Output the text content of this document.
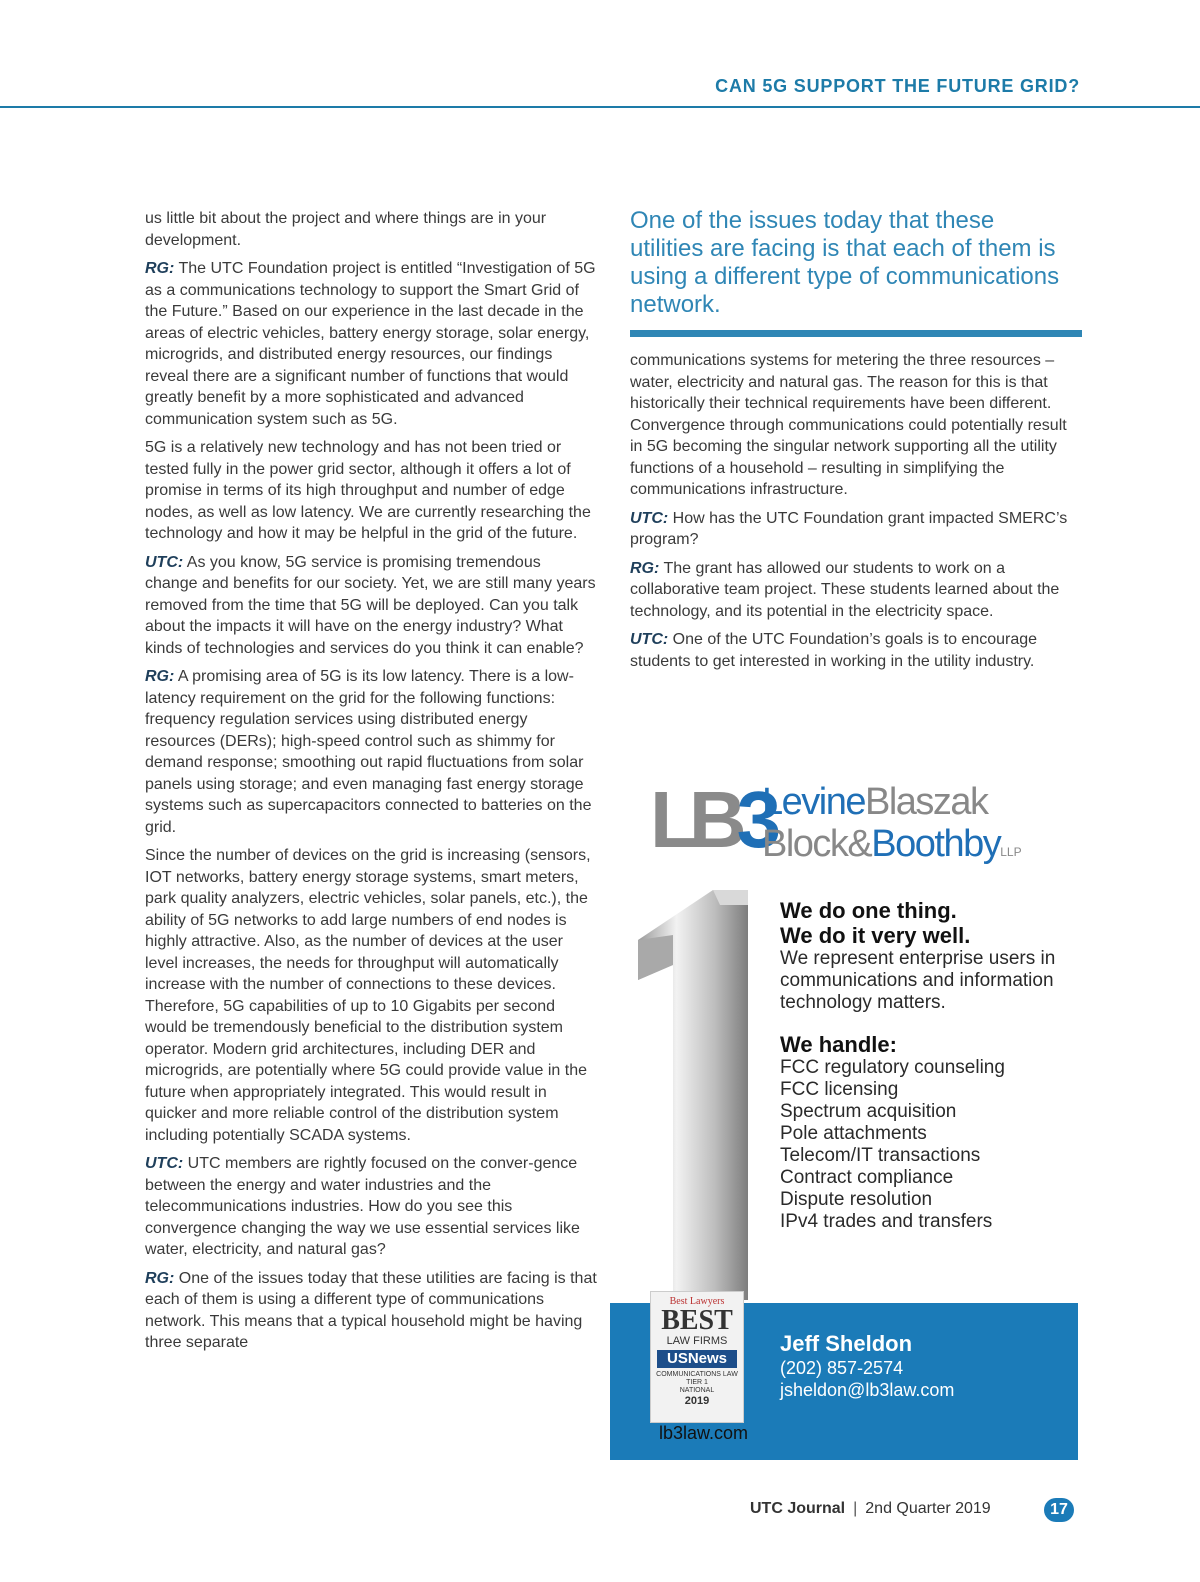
CAN 5G SUPPORT THE FUTURE GRID?

us little bit about the project and where things are in your development.

RG: The UTC Foundation project is entitled “Investigation of 5G as a communications technology to support the Smart Grid of the Future.” Based on our experience in the last decade in the areas of electric vehicles, battery energy storage, solar energy, microgrids, and distributed energy resources, our findings reveal there are a significant number of functions that would greatly benefit by a more sophisticated and advanced communication system such as 5G.

5G is a relatively new technology and has not been tried or tested fully in the power grid sector, although it offers a lot of promise in terms of its high throughput and number of edge nodes, as well as low latency. We are currently researching the technology and how it may be helpful in the grid of the future.

UTC: As you know, 5G service is promising tremendous change and benefits for our society. Yet, we are still many years removed from the time that 5G will be deployed. Can you talk about the impacts it will have on the energy industry? What kinds of technologies and services do you think it can enable?

RG: A promising area of 5G is its low latency. There is a low-latency requirement on the grid for the following functions: frequency regulation services using distributed energy resources (DERs); high-speed control such as shimmy for demand response; smoothing out rapid fluctuations from solar panels using storage; and even managing fast energy storage systems such as supercapacitors connected to batteries on the grid.

Since the number of devices on the grid is increasing (sensors, IOT networks, battery energy storage systems, smart meters, park quality analyzers, electric vehicles, solar panels, etc.), the ability of 5G networks to add large numbers of end nodes is highly attractive. Also, as the number of devices at the user level increases, the needs for throughput will automatically increase with the number of connections to these devices. Therefore, 5G capabilities of up to 10 Gigabits per second would be tremendously beneficial to the distribution system operator. Modern grid architectures, including DER and microgrids, are potentially where 5G could provide value in the future when appropriately integrated. This would result in quicker and more reliable control of the distribution system including potentially SCADA systems.

UTC: UTC members are rightly focused on the conver-gence between the energy and water industries and the telecommunications industries. How do you see this convergence changing the way we use essential services like water, electricity, and natural gas?

RG: One of the issues today that these utilities are facing is that each of them is using a different type of communications network. This means that a typical household might be having three separate

One of the issues today that these utilities are facing is that each of them is using a different type of communications network.

communications systems for metering the three resources – water, electricity and natural gas. The reason for this is that historically their technical requirements have been different. Convergence through communications could potentially result in 5G becoming the singular network supporting all the utility functions of a household – resulting in simplifying the communications infrastructure.

UTC: How has the UTC Foundation grant impacted SMERC’s program?

RG: The grant has allowed our students to work on a collaborative team project. These students learned about the technology, and its potential in the electricity space.

UTC: One of the UTC Foundation’s goals is to encourage students to get interested in working in the utility industry.

LB3
LevineBlaszak
Block&BoothbyLLP
We do one thing.
We do it very well.
We represent enterprise users in communications and information technology matters.
We handle:
FCC regulatory counseling
FCC licensing
Spectrum acquisition
Pole attachments
Telecom/IT transactions
Contract compliance
Dispute resolution
IPv4 trades and transfers
Best Lawyers
BEST
LAW FIRMS
USNews
COMMUNICATIONS LAW
TIER 1
NATIONAL
2019
lb3law.com
Jeff Sheldon
(202) 857-2574
jsheldon@lb3law.com
UTC Journal | 2nd Quarter 2019	17
